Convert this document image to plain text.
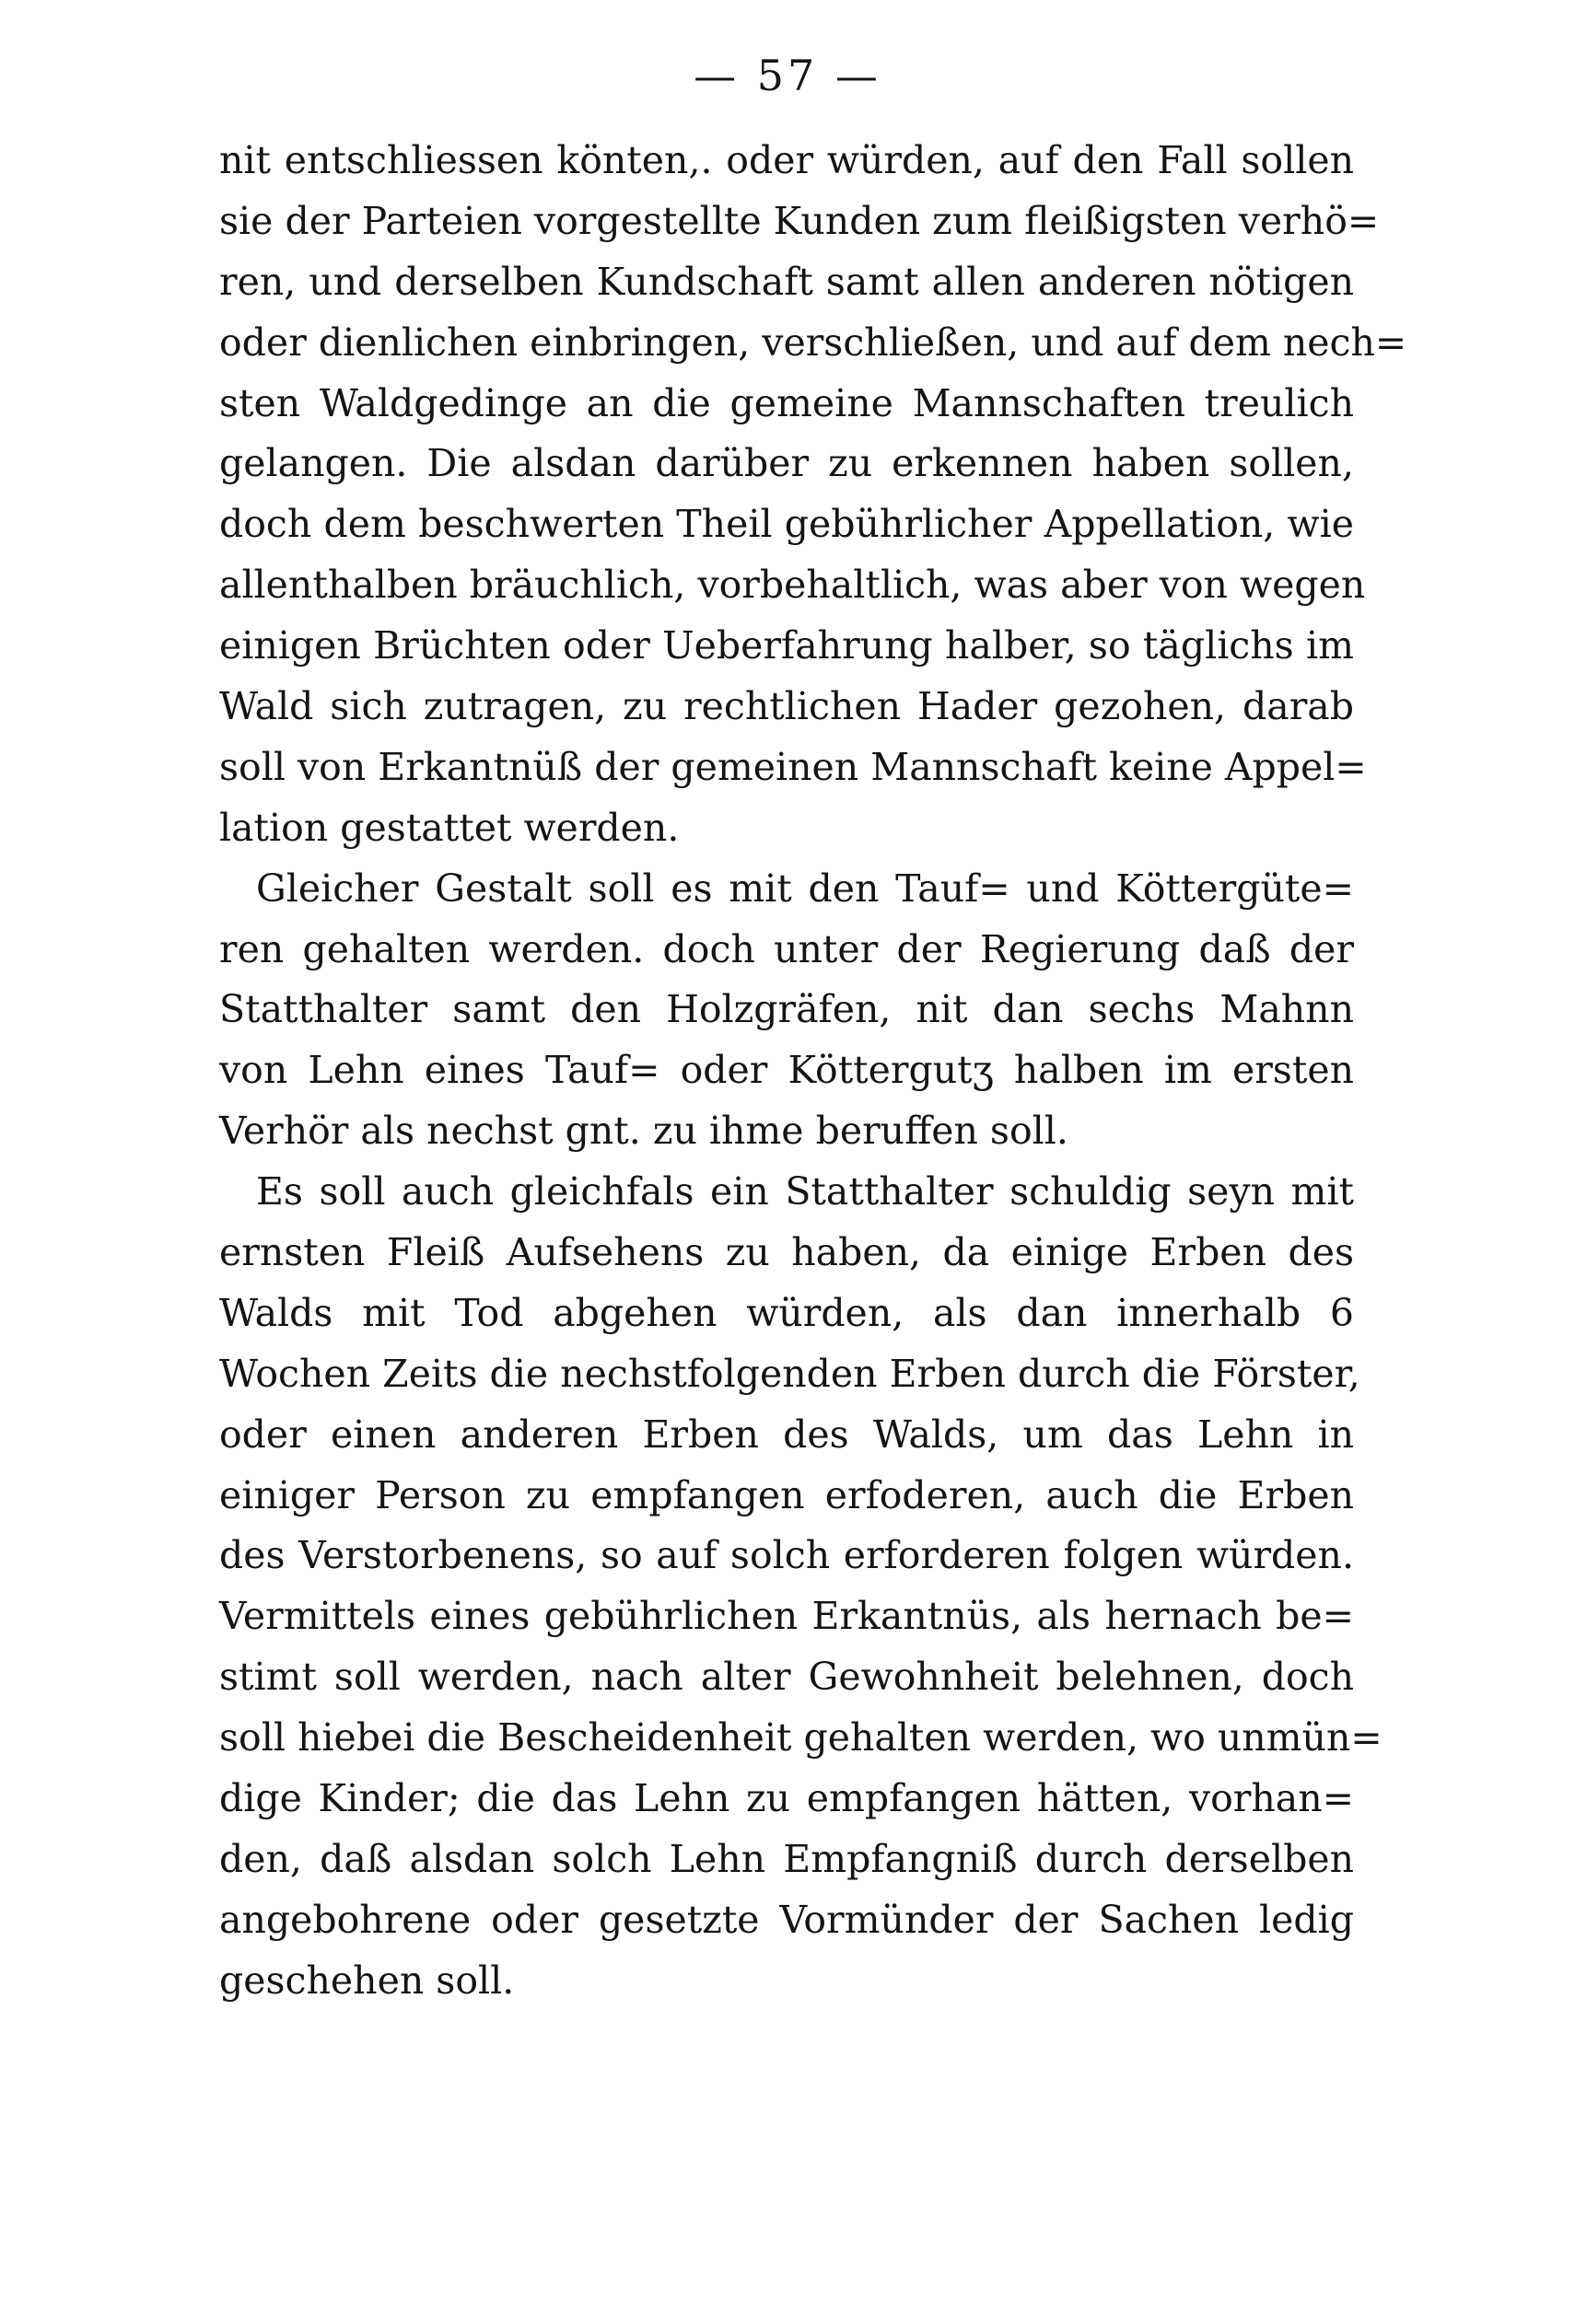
— 57 —
nit entschliessen könten,. oder würden, auf den Fall sollen
sie der Parteien vorgestellte Kunden zum fleißigsten verhö=
ren, und derselben Kundschaft samt allen anderen nötigen
oder dienlichen einbringen, verschließen, und auf dem nech=
sten Waldgedinge an die gemeine Mannschaften treulich
gelangen. Die alsdan darüber zu erkennen haben sollen,
doch dem beschwerten Theil gebührlicher Appellation, wie
allenthalben bräuchlich, vorbehaltlich, was aber von wegen
einigen Brüchten oder Ueberfahrung halber, so täglichs im
Wald sich zutragen, zu rechtlichen Hader gezohen, darab
soll von Erkantnüß der gemeinen Mannschaft keine Appel=
lation gestattet werden.
Gleicher Gestalt soll es mit den Tauf= und Köttergüte=
ren gehalten werden. doch unter der Regierung daß der
Statthalter samt den Holzgräfen, nit dan sechs Mahnn
von Lehn eines Tauf= oder Köttergutʒ halben im ersten
Verhör als nechst gnt. zu ihme beruffen soll.
Es soll auch gleichfals ein Statthalter schuldig seyn mit
ernsten Fleiß Aufsehens zu haben, da einige Erben des
Walds mit Tod abgehen würden, als dan innerhalb 6
Wochen Zeits die nechstfolgenden Erben durch die Förster,
oder einen anderen Erben des Walds, um das Lehn in
einiger Person zu empfangen erfoderen, auch die Erben
des Verstorbenens, so auf solch erforderen folgen würden.
Vermittels eines gebührlichen Erkantnüs, als hernach be=
stimt soll werden, nach alter Gewohnheit belehnen, doch
soll hiebei die Bescheidenheit gehalten werden, wo unmün=
dige Kinder; die das Lehn zu empfangen hätten, vorhan=
den, daß alsdan solch Lehn Empfangniß durch derselben
angebohrene oder gesetzte Vormünder der Sachen ledig
geschehen soll.
